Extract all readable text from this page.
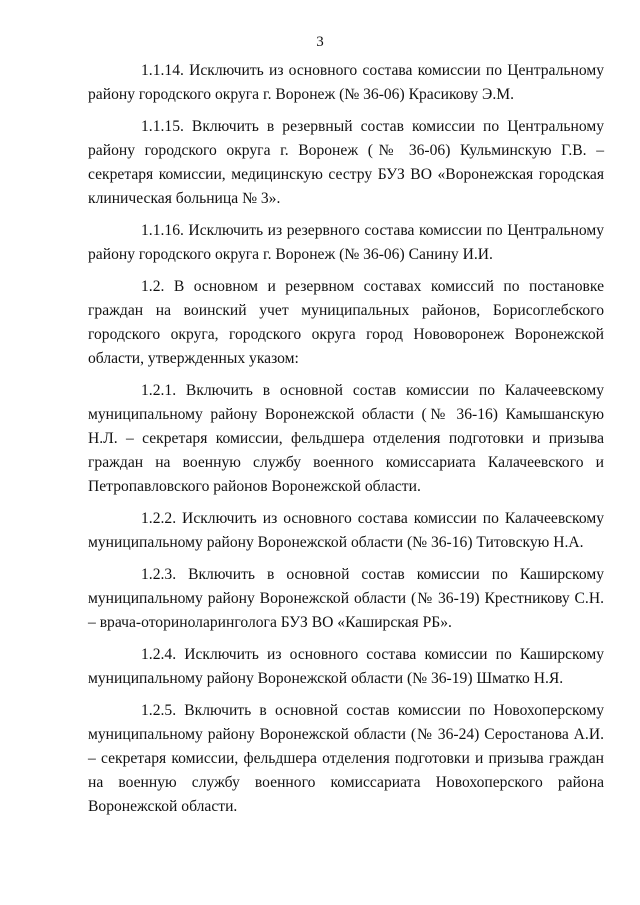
3

1.1.14. Исключить из основного состава комиссии по Центральному району городского округа г. Воронеж (№ 36-06) Красикову Э.М.

1.1.15. Включить в резервный состав комиссии по Центральному району городского округа г. Воронеж (№ 36-06) Кульминскую Г.В. – секретаря комиссии, медицинскую сестру БУЗ ВО «Воронежская городская клиническая больница № 3».

1.1.16. Исключить из резервного состава комиссии по Центральному району городского округа г. Воронеж (№ 36-06) Санину И.И.

1.2. В основном и резервном составах комиссий по постановке граждан на воинский учет муниципальных районов, Борисоглебского городского округа, городского округа город Нововоронеж Воронежской области, утвержденных указом:

1.2.1. Включить в основной состав комиссии по Калачеевскому муниципальному району Воронежской области (№ 36-16) Камышанскую Н.Л. – секретаря комиссии, фельдшера отделения подготовки и призыва граждан на военную службу военного комиссариата Калачеевского и Петропавловского районов Воронежской области.

1.2.2. Исключить из основного состава комиссии по Калачеевскому муниципальному району Воронежской области (№ 36-16) Титовскую Н.А.

1.2.3. Включить в основной состав комиссии по Каширскому муниципальному району Воронежской области (№ 36-19) Крестникову С.Н. – врача-оториноларинголога БУЗ ВО «Каширская РБ».

1.2.4. Исключить из основного состава комиссии по Каширскому муниципальному району Воронежской области (№ 36-19) Шматко Н.Я.

1.2.5. Включить в основной состав комиссии по Новохоперскому муниципальному району Воронежской области (№ 36-24) Серостанова А.И. – секретаря комиссии, фельдшера отделения подготовки и призыва граждан на военную службу военного комиссариата Новохоперского района Воронежской области.
